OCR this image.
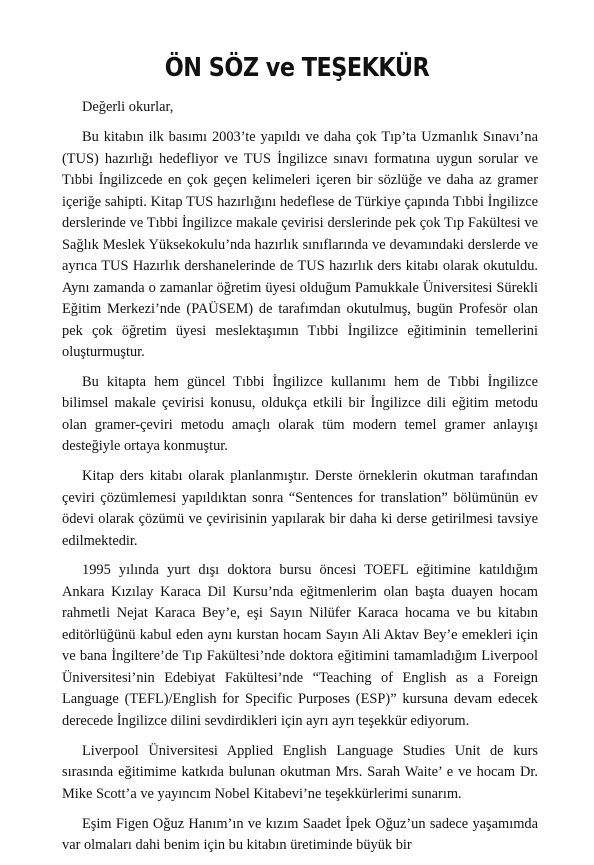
ÖN SÖZ ve TEŞEKKÜR

Değerli okurlar,

Bu kitabın ilk basımı 2003’te yapıldı ve daha çok Tıp’ta Uzmanlık Sınavı’na (TUS) hazırlığı hedefliyor ve TUS İngilizce sınavı formatına uygun sorular ve Tıbbi İngilizcede en çok geçen kelimeleri içeren bir sözlüğe ve daha az gramer içeriğe sahipti. Kitap TUS hazırlığını hedeflese de Türkiye çapında Tıbbi İngilizce derslerinde ve Tıbbi İngilizce makale çevirisi derslerinde pek çok Tıp Fakültesi ve Sağlık Meslek Yüksekokulu’nda hazırlık sınıflarında ve devamındaki derslerde ve ayrıca TUS Hazırlık dershanelerinde de TUS hazırlık ders kitabı olarak okutuldu. Aynı zamanda o zamanlar öğretim üyesi olduğum Pamukkale Üniversitesi Sürekli Eğitim Merkezi’nde (PAÜSEM) de tarafımdan okutulmuş, bugün Profesör olan pek çok öğretim üyesi meslektaşımın Tıbbi İngilizce eğitiminin temellerini oluşturmuştur.

Bu kitapta hem güncel Tıbbi İngilizce kullanımı hem de Tıbbi İngilizce bilimsel makale çevirisi konusu, oldukça etkili bir İngilizce dili eğitim metodu olan gramer-çeviri metodu amaçlı olarak tüm modern temel gramer anlayışı desteğiyle ortaya konmuştur.

Kitap ders kitabı olarak planlanmıştır. Derste örneklerin okutman tarafından çeviri çözümlemesi yapıldıktan sonra “Sentences for translation” bölümünün ev ödevi olarak çözümü ve çevirisinin yapılarak bir daha ki derse getirilmesi tavsiye edilmektedir.

1995 yılında yurt dışı doktora bursu öncesi TOEFL eğitimine katıldığım Ankara Kızılay Karaca Dil Kursu’nda eğitmenlerim olan başta duayen hocam rahmetli Nejat Karaca Bey’e, eşi Sayın Nilüfer Karaca hocama ve bu kitabın editörlüğünü kabul eden aynı kurstan hocam Sayın Ali Aktav Bey’e emekleri için ve bana İngiltere’de Tıp Fakültesi’nde doktora eğitimini tamamladığım Liverpool Üniversitesi’nin Edebiyat Fakültesi’nde “Teaching of English as a Foreign Language (TEFL)/English for Specific Purposes (ESP)” kursuna devam edecek derecede İngilizce dilini sevdirdikleri için ayrı ayrı teşekkür ediyorum.

Liverpool Üniversitesi Applied English Language Studies Unit de kurs sırasında eğitimime katkıda bulunan okutman Mrs. Sarah Waite’ e ve hocam Dr. Mike Scott’a ve yayıncım Nobel Kitabevi’ne teşekkürlerimi sunarım.

Eşim Figen Oğuz Hanım’ın ve kızım Saadet İpek Oğuz’un sadece yaşamımda var olmaları dahi benim için bu kitabın üretiminde büyük bir
